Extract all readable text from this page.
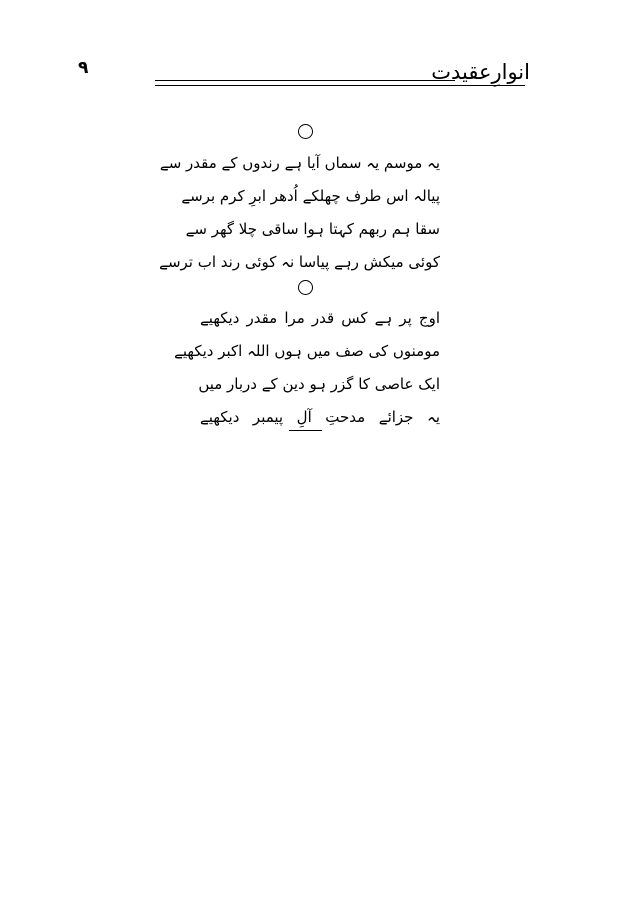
۹	انوارِعقیدت
یہ موسم یہ سماں آیا ہے رندوں کے مقدر سے
پیالہ اس طرف چھلکے اُدھر ابرِ کرم برسے
سقا ہم ربھم کہتا ہوا ساقی چلا گھر سے
کوئی میکش رہے پیاسا نہ کوئی رند اب ترسے
اوج پر ہے کس قدر مرا مقدر دیکھیے
مومنوں کی صف میں ہوں اللہ اکبر دیکھیے
ایک عاصی کا گزر ہو دین کے دربار میں
یہ جزائے مدحتِ آلِ پیمبر دیکھیے
